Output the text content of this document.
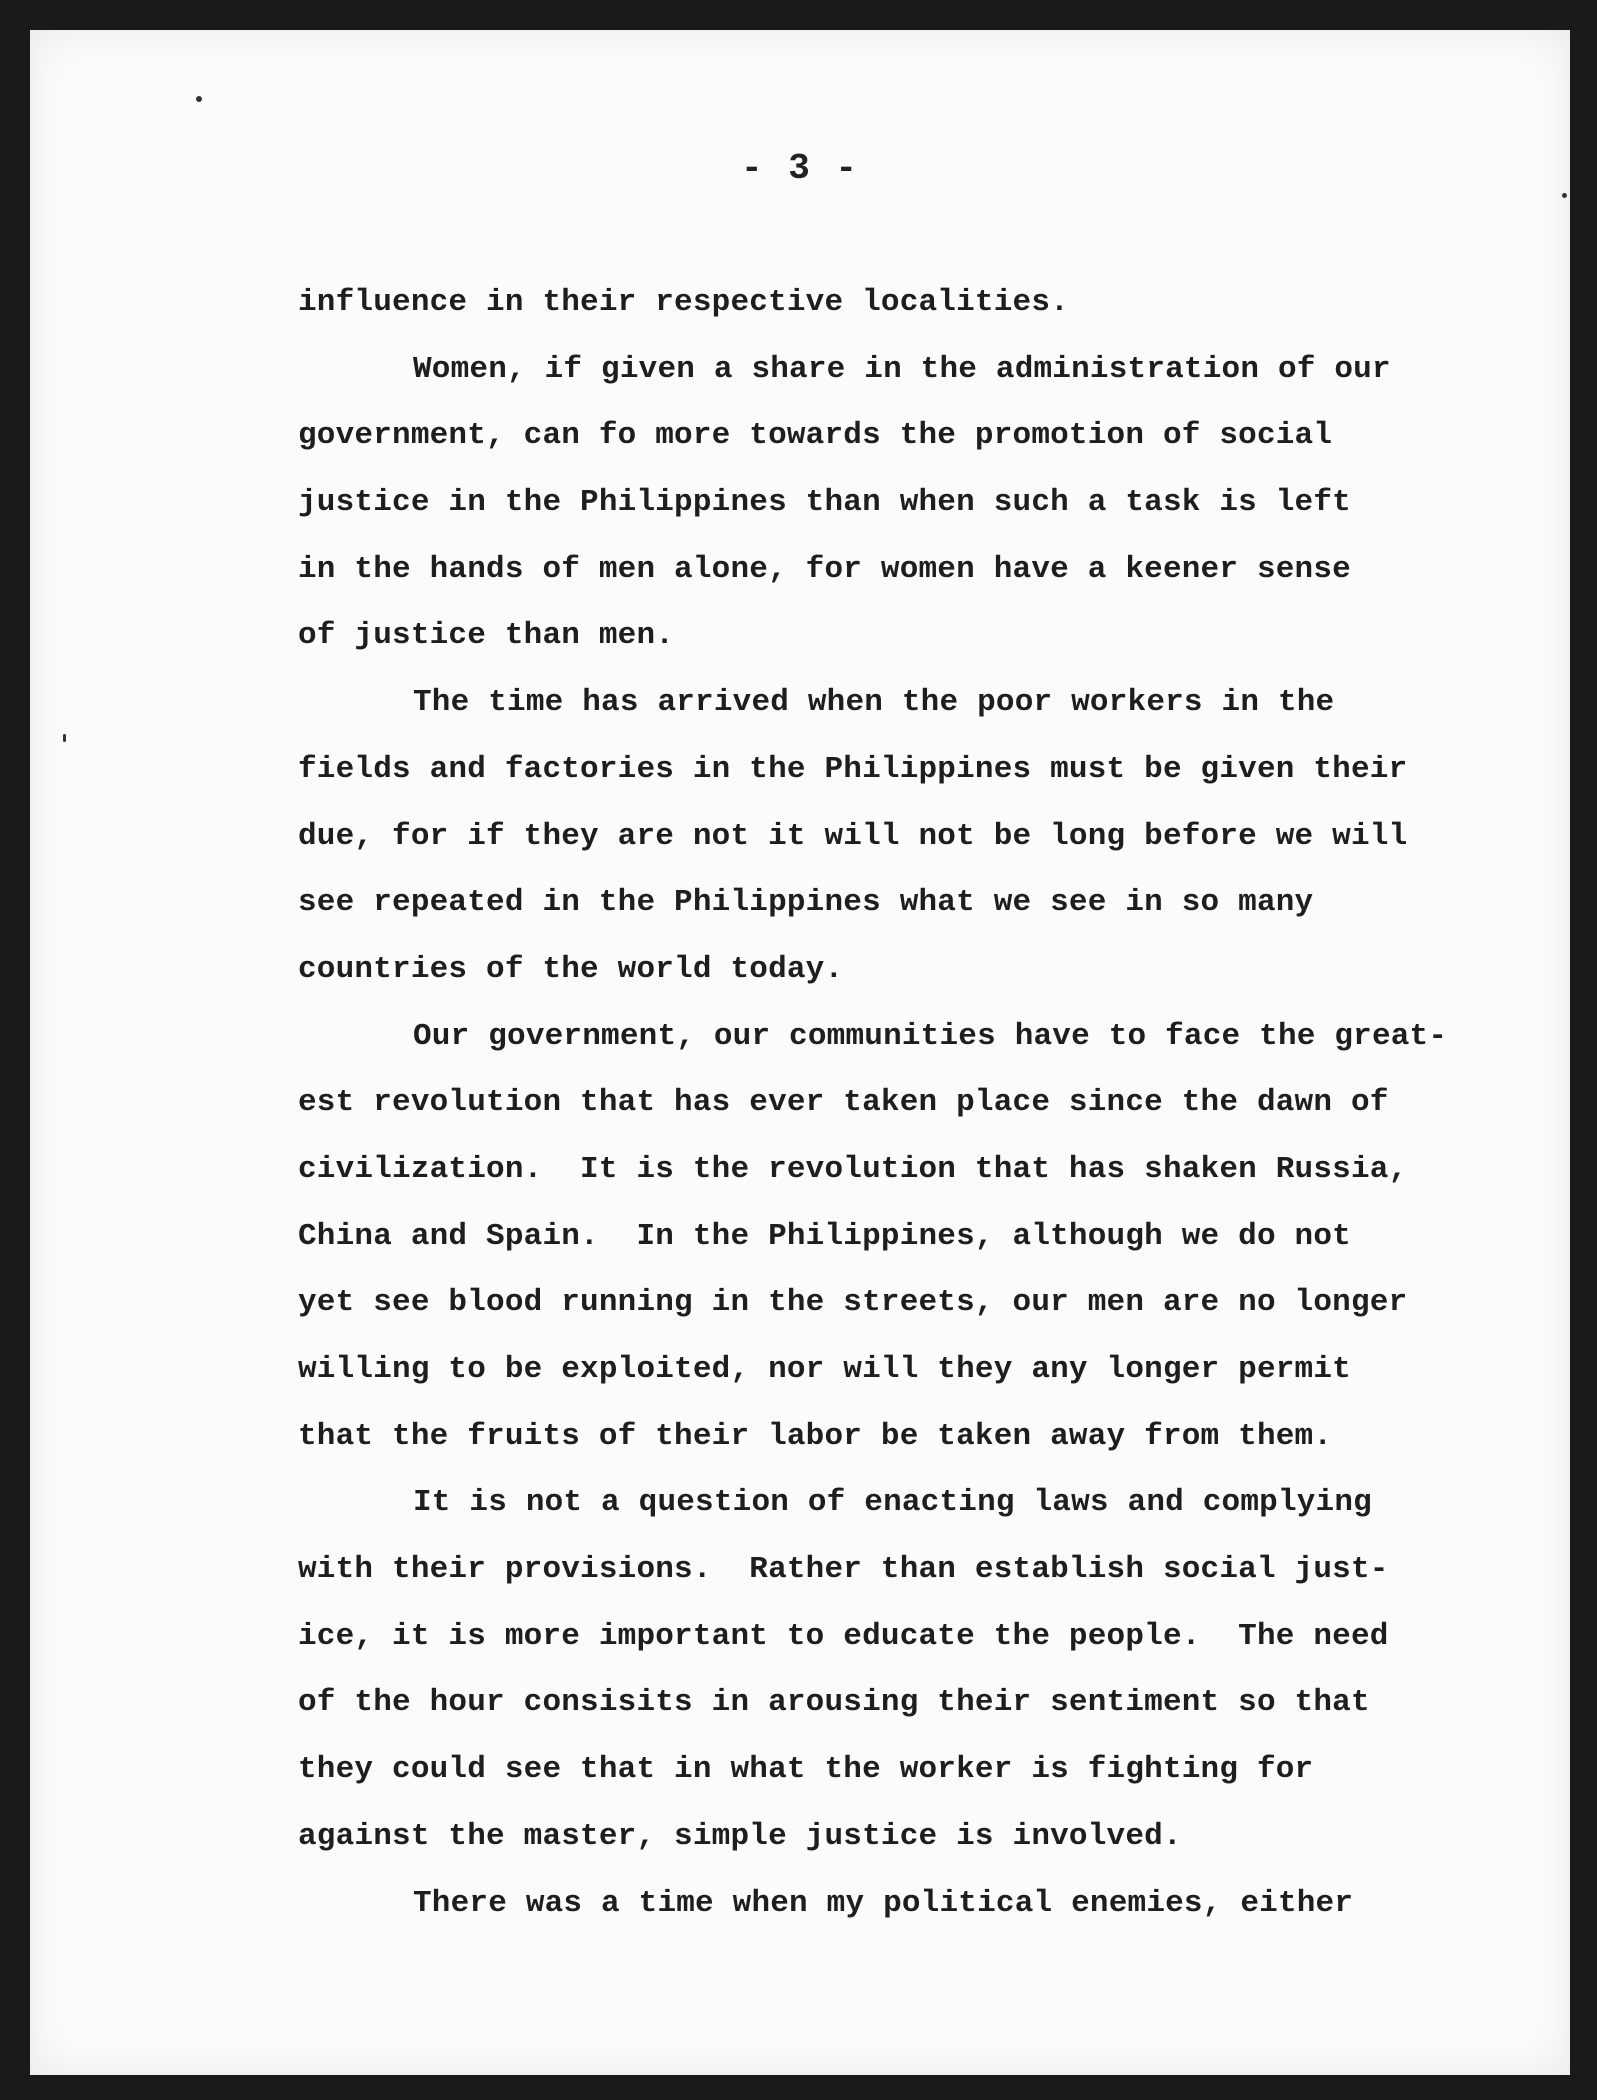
- 3 -
influence in their respective localities.
Women, if given a share in the administration of our
government, can fo more towards the promotion of social
justice in the Philippines than when such a task is left
in the hands of men alone, for women have a keener sense
of justice than men.
The time has arrived when the poor workers in the
fields and factories in the Philippines must be given their
due, for if they are not it will not be long before we will
see repeated in the Philippines what we see in so many
countries of the world today.
Our government, our communities have to face the great-
est revolution that has ever taken place since the dawn of
civilization.  It is the revolution that has shaken Russia,
China and Spain.  In the Philippines, although we do not
yet see blood running in the streets, our men are no longer
willing to be exploited, nor will they any longer permit
that the fruits of their labor be taken away from them.
It is not a question of enacting laws and complying
with their provisions.  Rather than establish social just-
ice, it is more important to educate the people.  The need
of the hour consisits in arousing their sentiment so that
they could see that in what the worker is fighting for
against the master, simple justice is involved.
There was a time when my political enemies, either
